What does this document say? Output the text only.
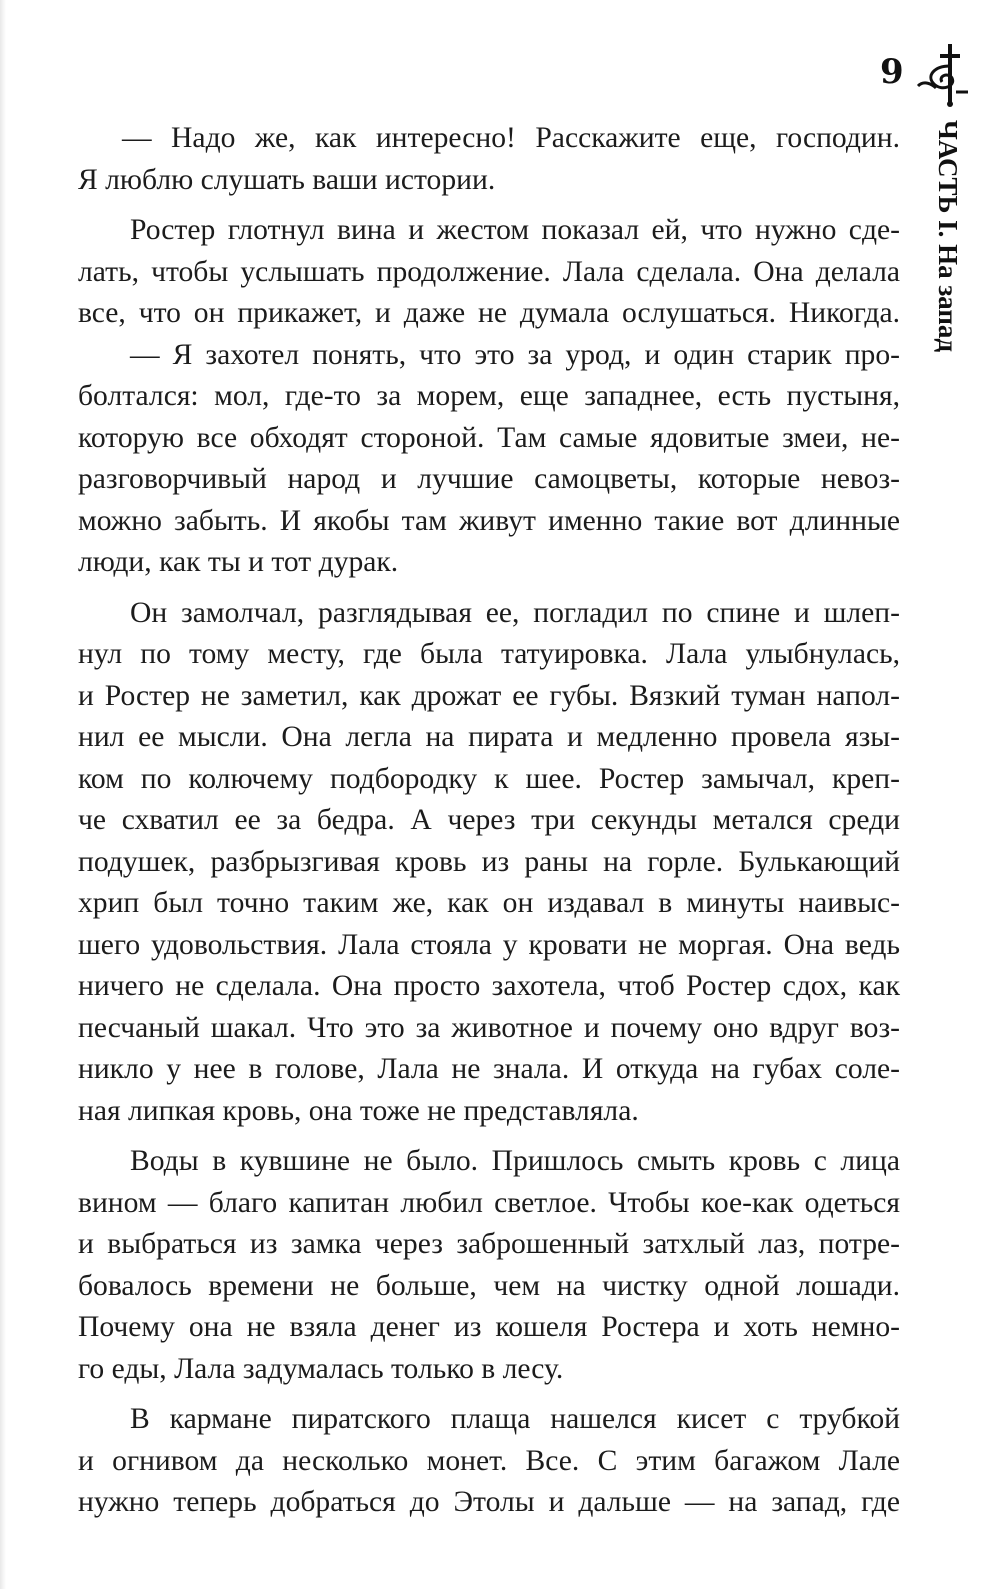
9
ЧАСТЬ I. На запад
— Надо же, как интересно! Расскажите еще, господин.
Я люблю слушать ваши истории.
Ростер глотнул вина и жестом показал ей, что нужно сде-
лать, чтобы услышать продолжение. Лала сделала. Она делала
все, что он прикажет, и даже не думала ослушаться. Никогда.
— Я захотел понять, что это за урод, и один старик про-
болтался: мол, где-то за морем, еще западнее, есть пустыня,
которую все обходят стороной. Там самые ядовитые змеи, не-
разговорчивый народ и лучшие самоцветы, которые невоз-
можно забыть. И якобы там живут именно такие вот длинные
люди, как ты и тот дурак.
Он замолчал, разглядывая ее, погладил по спине и шлеп-
нул по тому месту, где была татуировка. Лала улыбнулась,
и Ростер не заметил, как дрожат ее губы. Вязкий туман напол-
нил ее мысли. Она легла на пирата и медленно провела язы-
ком по колючему подбородку к шее. Ростер замычал, креп-
че схватил ее за бедра. А через три секунды метался среди
подушек, разбрызгивая кровь из раны на горле. Булькающий
хрип был точно таким же, как он издавал в минуты наивыс-
шего удовольствия. Лала стояла у кровати не моргая. Она ведь
ничего не сделала. Она просто захотела, чтоб Ростер сдох, как
песчаный шакал. Что это за животное и почему оно вдруг воз-
никло у нее в голове, Лала не знала. И откуда на губах соле-
ная липкая кровь, она тоже не представляла.
Воды в кувшине не было. Пришлось смыть кровь с лица
вином — благо капитан любил светлое. Чтобы кое-как одеться
и выбраться из замка через заброшенный затхлый лаз, потре-
бовалось времени не больше, чем на чистку одной лошади.
Почему она не взяла денег из кошеля Ростера и хоть немно-
го еды, Лала задумалась только в лесу.
В кармане пиратского плаща нашелся кисет с трубкой
и огнивом да несколько монет. Все. С этим багажом Лале
нужно теперь добраться до Этолы и дальше — на запад, где
